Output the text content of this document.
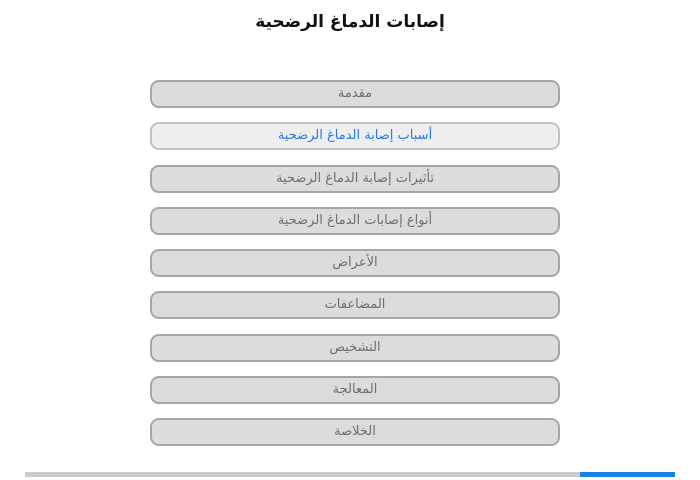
إصابات الدماغ الرضحية
مقدمة
أسباب إصابة الدماغ الرضحية
تأثيرات إصابة الدماغ الرضحية
أنواع إصابات الدماغ الرضحية
الأعراض
المضاعفات
التشخيص
المعالجة
الخلاصة
